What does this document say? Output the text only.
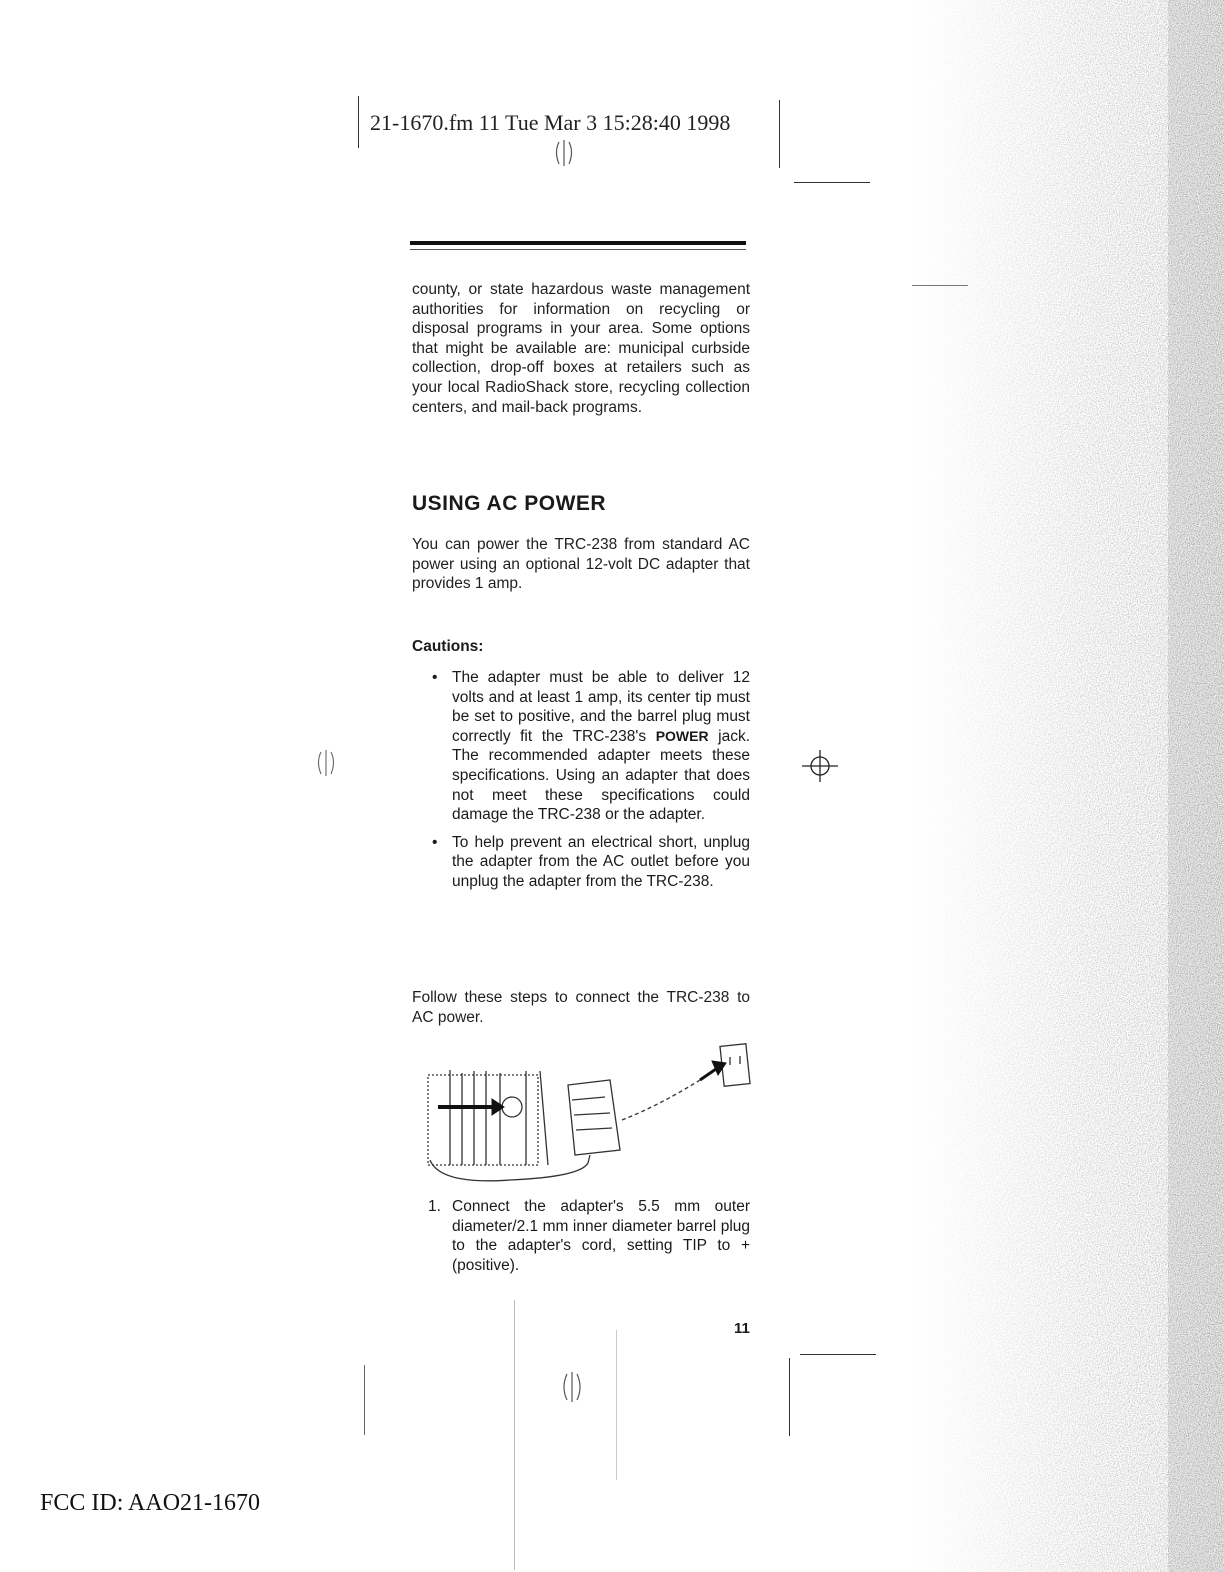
21-1670.fm 11 Tue Mar 3 15:28:40 1998
county, or state hazardous waste management authorities for information on recycling or disposal programs in your area. Some options that might be available are: municipal curbside collection, drop-off boxes at retailers such as your local RadioShack store, recycling collection centers, and mail-back programs.
USING AC POWER
You can power the TRC-238 from standard AC power using an optional 12-volt DC adapter that provides 1 amp.
Cautions:
• The adapter must be able to deliver 12 volts and at least 1 amp, its center tip must be set to positive, and the barrel plug must correctly fit the TRC-238's POWER jack. The recommended adapter meets these specifications. Using an adapter that does not meet these specifications could damage the TRC-238 or the adapter.
• To help prevent an electrical short, unplug the adapter from the AC outlet before you unplug the adapter from the TRC-238.
Follow these steps to connect the TRC-238 to AC power.
1. Connect the adapter's 5.5 mm outer diameter/2.1 mm inner diameter barrel plug to the adapter's cord, setting TIP to + (positive).
11
FCC ID: AAO21-1670
